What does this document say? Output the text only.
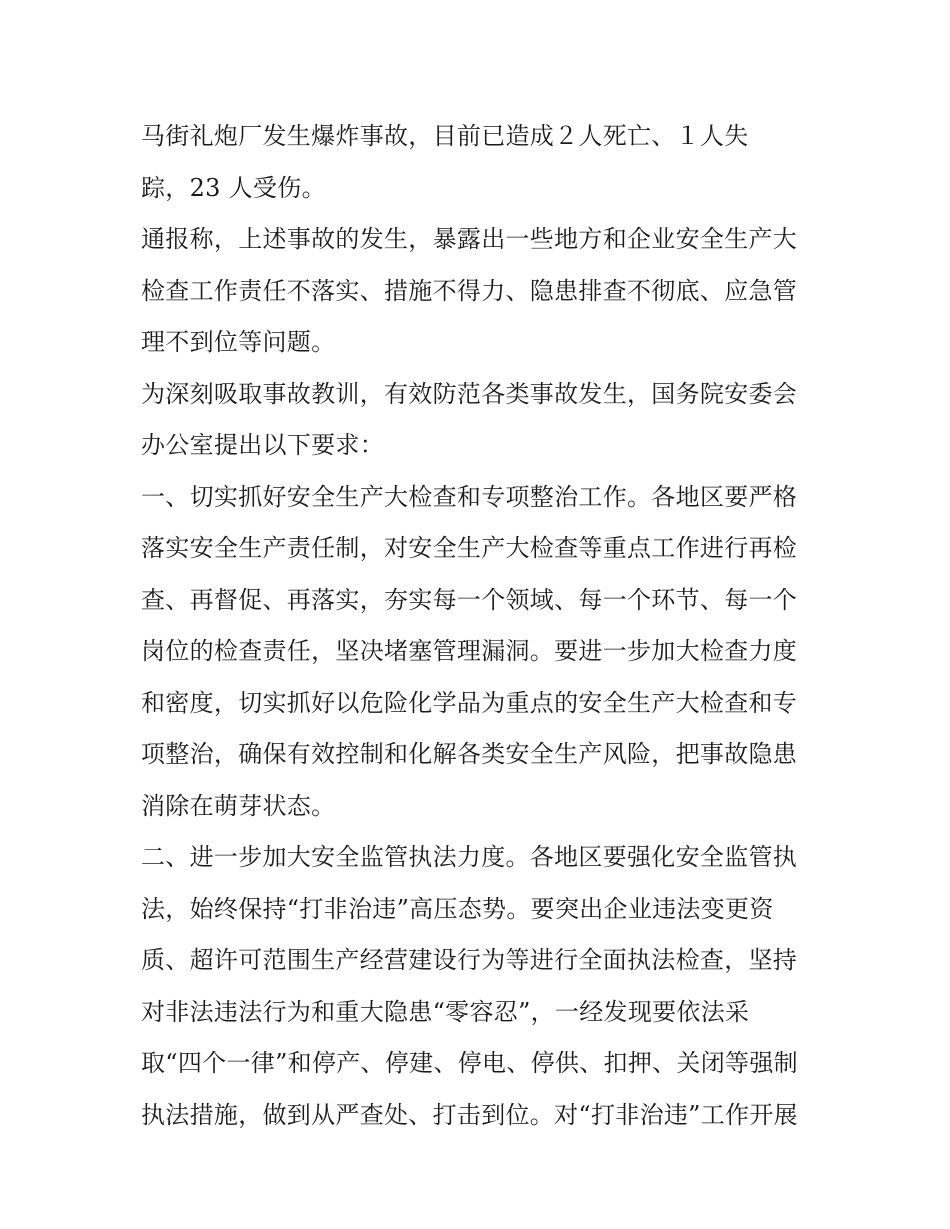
马街礼炮厂发生爆炸事故，目前已造成２人死亡、１人失
踪，23 人受伤。
通报称，上述事故的发生，暴露出一些地方和企业安全生产大
检查工作责任不落实、措施不得力、隐患排查不彻底、应急管
理不到位等问题。
为深刻吸取事故教训，有效防范各类事故发生，国务院安委会
办公室提出以下要求：
一、切实抓好安全生产大检查和专项整治工作。各地区要严格
落实安全生产责任制，对安全生产大检查等重点工作进行再检
查、再督促、再落实，夯实每一个领域、每一个环节、每一个
岗位的检查责任，坚决堵塞管理漏洞。要进一步加大检查力度
和密度，切实抓好以危险化学品为重点的安全生产大检查和专
项整治，确保有效控制和化解各类安全生产风险，把事故隐患
消除在萌芽状态。
二、进一步加大安全监管执法力度。各地区要强化安全监管执
法，始终保持“打非治违”高压态势。要突出企业违法变更资
质、超许可范围生产经营建设行为等进行全面执法检查，坚持
对非法违法行为和重大隐患“零容忍”，一经发现要依法采
取“四个一律”和停产、停建、停电、停供、扣押、关闭等强制
执法措施，做到从严查处、打击到位。对“打非治违”工作开展
